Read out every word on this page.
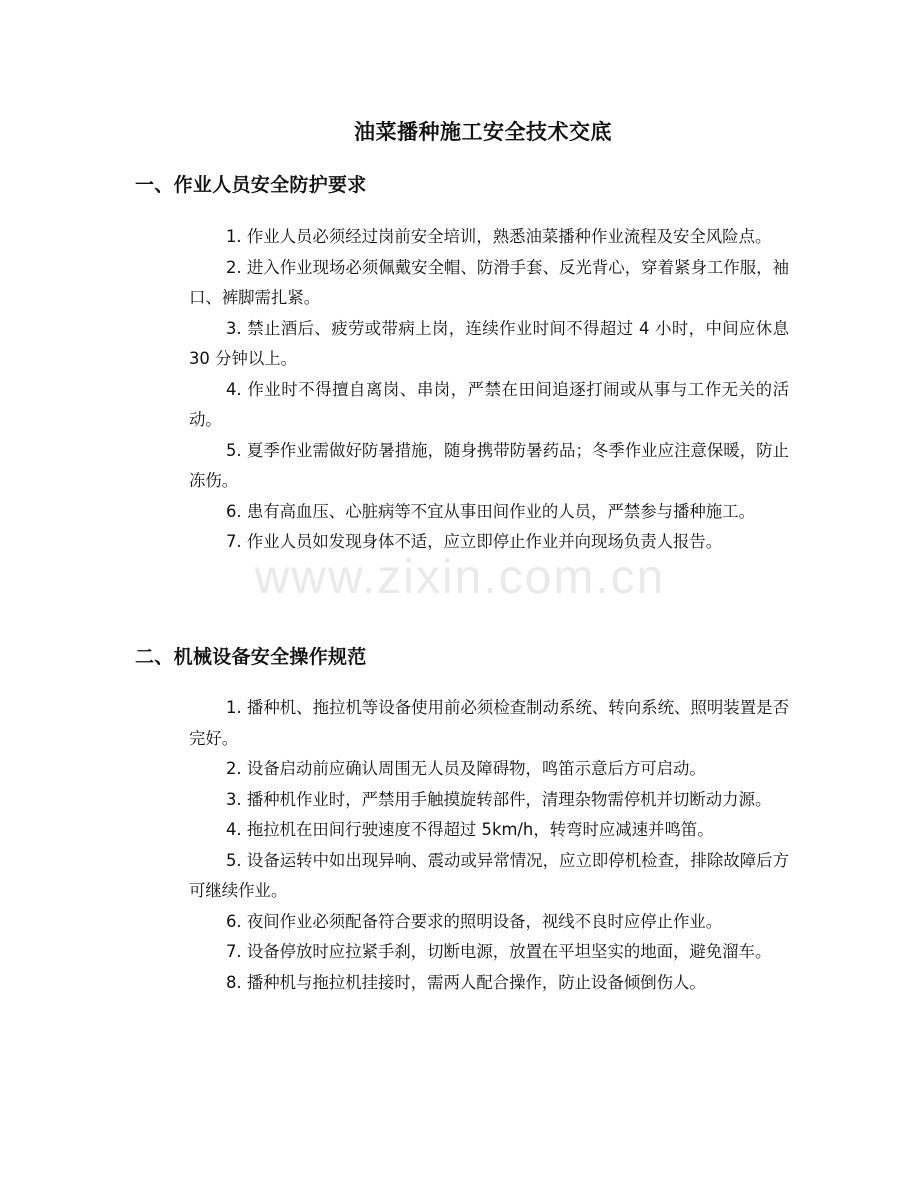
www.zixin.com.cn
油菜播种施工安全技术交底
一、作业人员安全防护要求

1. 作业人员必须经过岗前安全培训，熟悉油菜播种作业流程及安全风险点。

2. 进入作业现场必须佩戴安全帽、防滑手套、反光背心，穿着紧身工作服，袖口、裤脚需扎紧。

3. 禁止酒后、疲劳或带病上岗，连续作业时间不得超过 4 小时，中间应休息 30 分钟以上。

4. 作业时不得擅自离岗、串岗，严禁在田间追逐打闹或从事与工作无关的活动。

5. 夏季作业需做好防暑措施，随身携带防暑药品；冬季作业应注意保暖，防止冻伤。

6. 患有高血压、心脏病等不宜从事田间作业的人员，严禁参与播种施工。

7. 作业人员如发现身体不适，应立即停止作业并向现场负责人报告。

二、机械设备安全操作规范

1. 播种机、拖拉机等设备使用前必须检查制动系统、转向系统、照明装置是否完好。

2. 设备启动前应确认周围无人员及障碍物，鸣笛示意后方可启动。

3. 播种机作业时，严禁用手触摸旋转部件，清理杂物需停机并切断动力源。

4. 拖拉机在田间行驶速度不得超过 5km/h，转弯时应减速并鸣笛。

5. 设备运转中如出现异响、震动或异常情况，应立即停机检查，排除故障后方可继续作业。

6. 夜间作业必须配备符合要求的照明设备，视线不良时应停止作业。

7. 设备停放时应拉紧手刹，切断电源，放置在平坦坚实的地面，避免溜车。

8. 播种机与拖拉机挂接时，需两人配合操作，防止设备倾倒伤人。
